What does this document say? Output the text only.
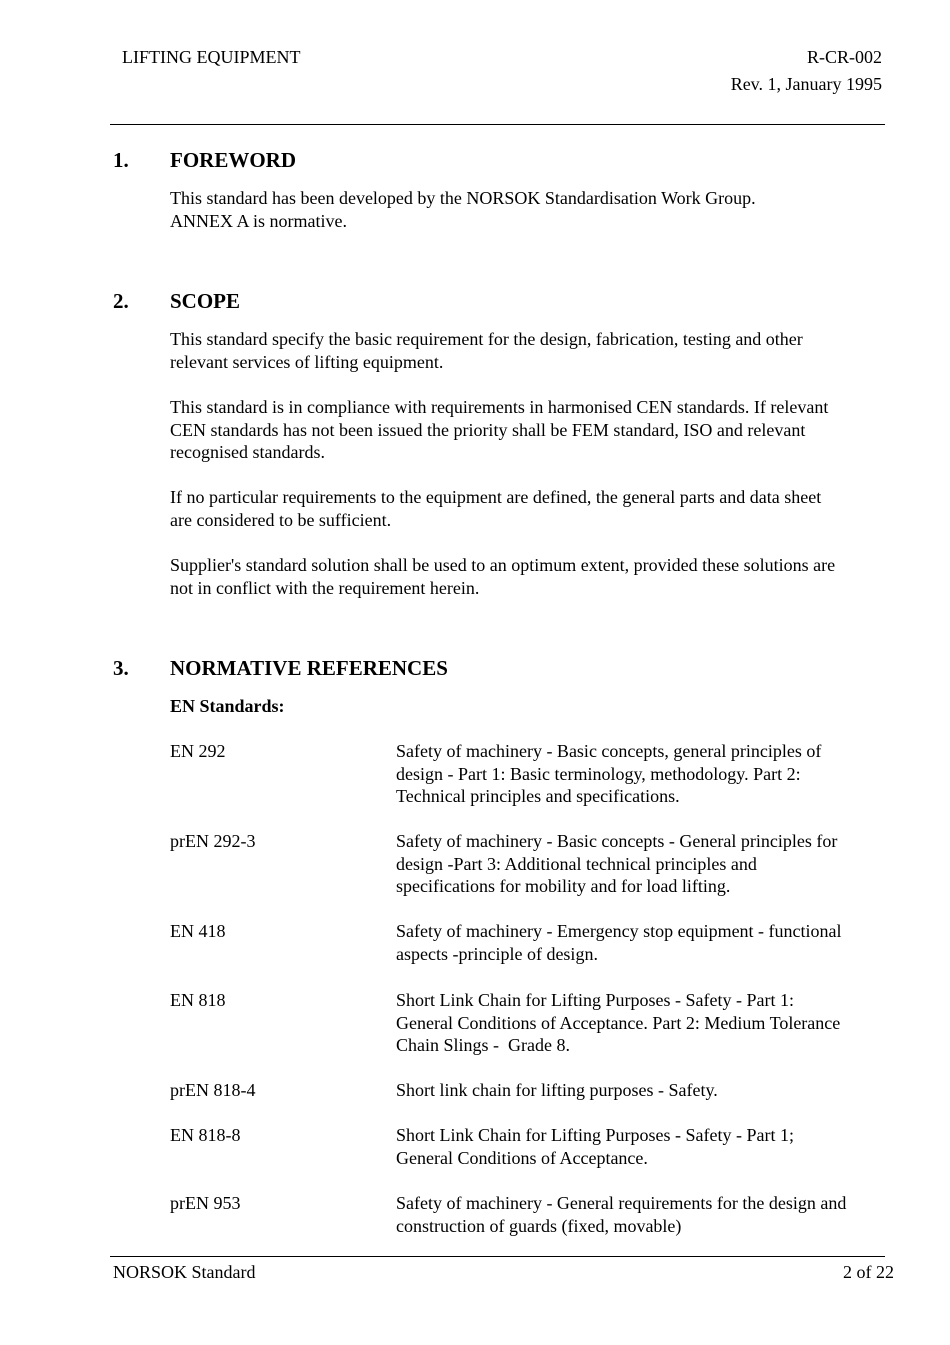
LIFTING EQUIPMENT	R-CR-002
Rev. 1, January 1995
1. FOREWORD
This standard has been developed by the NORSOK Standardisation Work Group.
ANNEX A is normative.
2. SCOPE
This standard specify the basic requirement for the design, fabrication, testing and other
relevant services of lifting equipment.
This standard is in compliance with requirements in harmonised CEN standards. If relevant
CEN standards has not been issued the priority shall be FEM standard, ISO and relevant
recognised standards.
If no particular requirements to the equipment are defined, the general parts and data sheet
are considered to be sufficient.
Supplier's standard solution shall be used to an optimum extent, provided these solutions are
not in conflict with the requirement herein.
3. NORMATIVE REFERENCES
EN Standards:
EN 292	Safety of machinery - Basic concepts, general principles of
design - Part 1: Basic terminology, methodology. Part 2:
Technical principles and specifications.
prEN 292-3	Safety of machinery - Basic concepts - General principles for
design -Part 3: Additional technical principles and
specifications for mobility and for load lifting.
EN 418	Safety of machinery - Emergency stop equipment - functional
aspects -principle of design.
EN 818	Short Link Chain for Lifting Purposes - Safety - Part 1:
General Conditions of Acceptance. Part 2: Medium Tolerance
Chain Slings -  Grade 8.
prEN 818-4	Short link chain for lifting purposes - Safety.
EN 818-8	Short Link Chain for Lifting Purposes - Safety - Part 1;
General Conditions of Acceptance.
prEN 953	Safety of machinery - General requirements for the design and
construction of guards (fixed, movable)
NORSOK Standard	2 of 22
